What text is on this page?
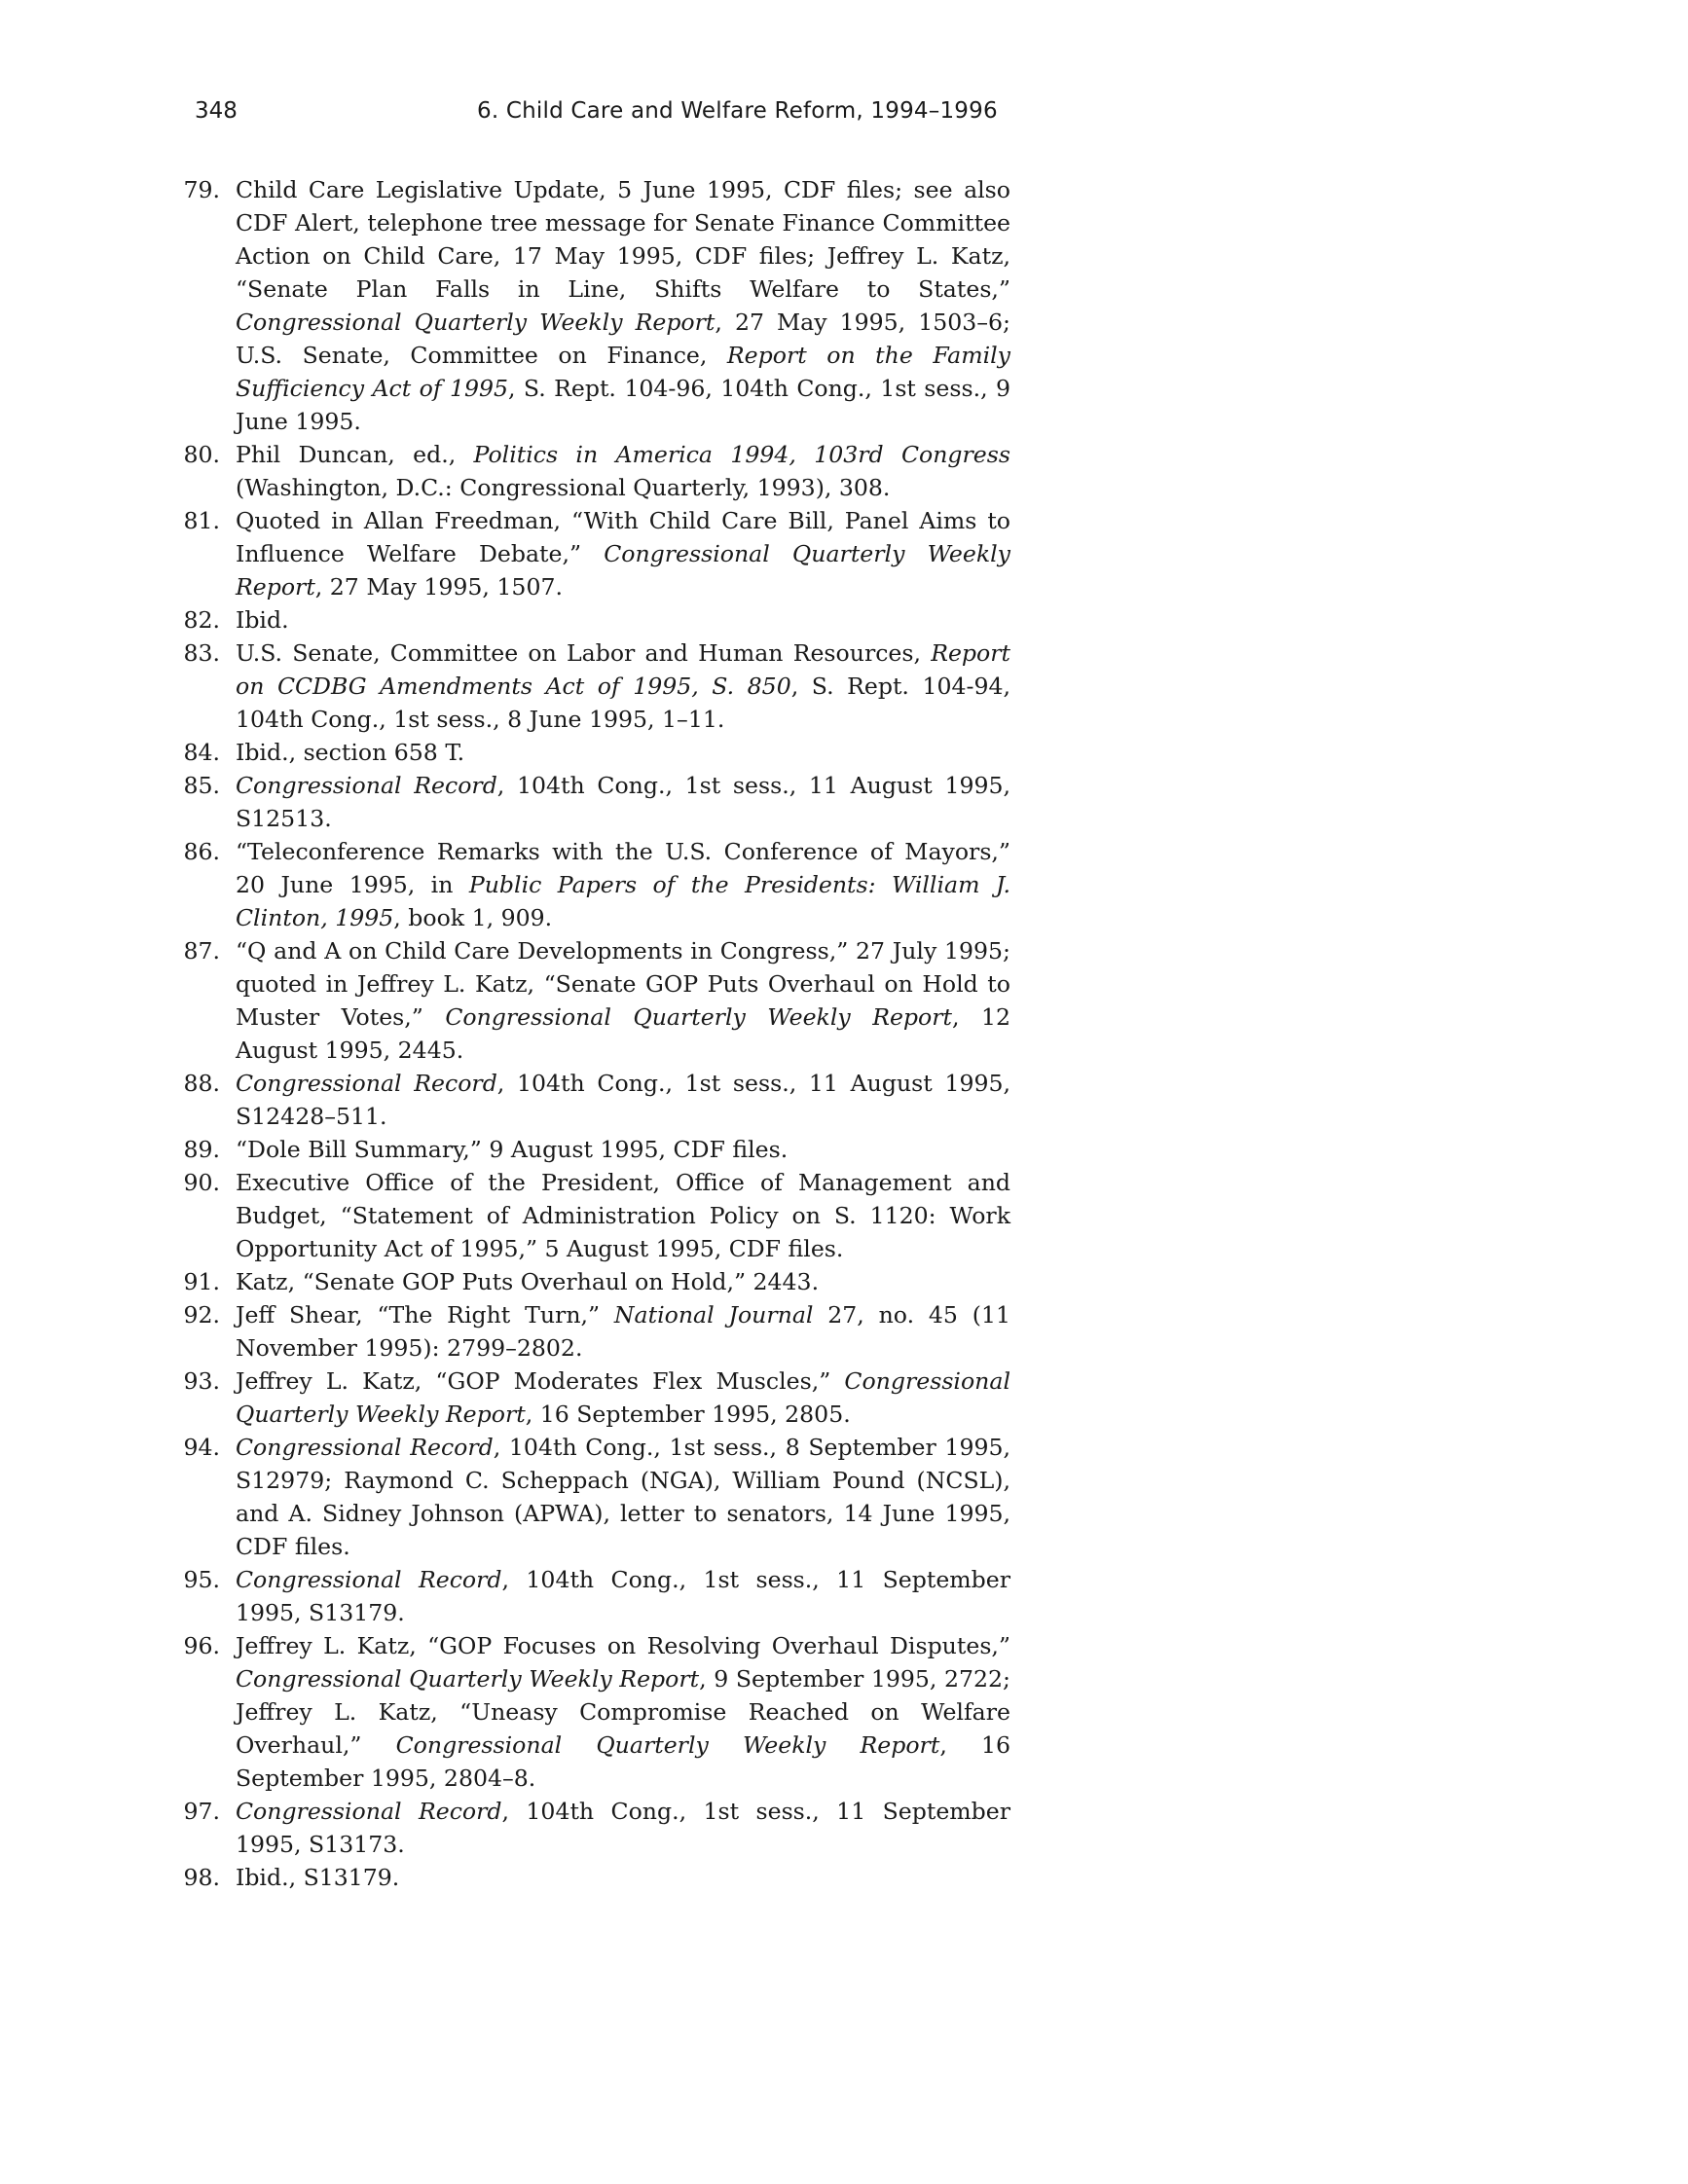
348	6. Child Care and Welfare Reform, 1994–1996
79. Child Care Legislative Update, 5 June 1995, CDF files; see also CDF Alert, telephone tree message for Senate Finance Committee Action on Child Care, 17 May 1995, CDF files; Jeffrey L. Katz, “Senate Plan Falls in Line, Shifts Welfare to States,” Congressional Quarterly Weekly Report, 27 May 1995, 1503–6; U.S. Senate, Committee on Finance, Report on the Family Sufficiency Act of 1995, S. Rept. 104-96, 104th Cong., 1st sess., 9 June 1995.
80. Phil Duncan, ed., Politics in America 1994, 103rd Congress (Washington, D.C.: Congressional Quarterly, 1993), 308.
81. Quoted in Allan Freedman, “With Child Care Bill, Panel Aims to Influence Welfare Debate,” Congressional Quarterly Weekly Report, 27 May 1995, 1507.
82. Ibid.
83. U.S. Senate, Committee on Labor and Human Resources, Report on CCDBG Amendments Act of 1995, S. 850, S. Rept. 104-94, 104th Cong., 1st sess., 8 June 1995, 1–11.
84. Ibid., section 658 T.
85. Congressional Record, 104th Cong., 1st sess., 11 August 1995, S12513.
86. “Teleconference Remarks with the U.S. Conference of Mayors,” 20 June 1995, in Public Papers of the Presidents: William J. Clinton, 1995, book 1, 909.
87. “Q and A on Child Care Developments in Congress,” 27 July 1995; quoted in Jeffrey L. Katz, “Senate GOP Puts Overhaul on Hold to Muster Votes,” Congressional Quarterly Weekly Report, 12 August 1995, 2445.
88. Congressional Record, 104th Cong., 1st sess., 11 August 1995, S12428–511.
89. “Dole Bill Summary,” 9 August 1995, CDF files.
90. Executive Office of the President, Office of Management and Budget, “Statement of Administration Policy on S. 1120: Work Opportunity Act of 1995,” 5 August 1995, CDF files.
91. Katz, “Senate GOP Puts Overhaul on Hold,” 2443.
92. Jeff Shear, “The Right Turn,” National Journal 27, no. 45 (11 November 1995): 2799–2802.
93. Jeffrey L. Katz, “GOP Moderates Flex Muscles,” Congressional Quarterly Weekly Report, 16 September 1995, 2805.
94. Congressional Record, 104th Cong., 1st sess., 8 September 1995, S12979; Raymond C. Scheppach (NGA), William Pound (NCSL), and A. Sidney Johnson (APWA), letter to senators, 14 June 1995, CDF files.
95. Congressional Record, 104th Cong., 1st sess., 11 September 1995, S13179.
96. Jeffrey L. Katz, “GOP Focuses on Resolving Overhaul Disputes,” Congressional Quarterly Weekly Report, 9 September 1995, 2722; Jeffrey L. Katz, “Uneasy Compromise Reached on Welfare Overhaul,” Congressional Quarterly Weekly Report, 16 September 1995, 2804–8.
97. Congressional Record, 104th Cong., 1st sess., 11 September 1995, S13173.
98. Ibid., S13179.
